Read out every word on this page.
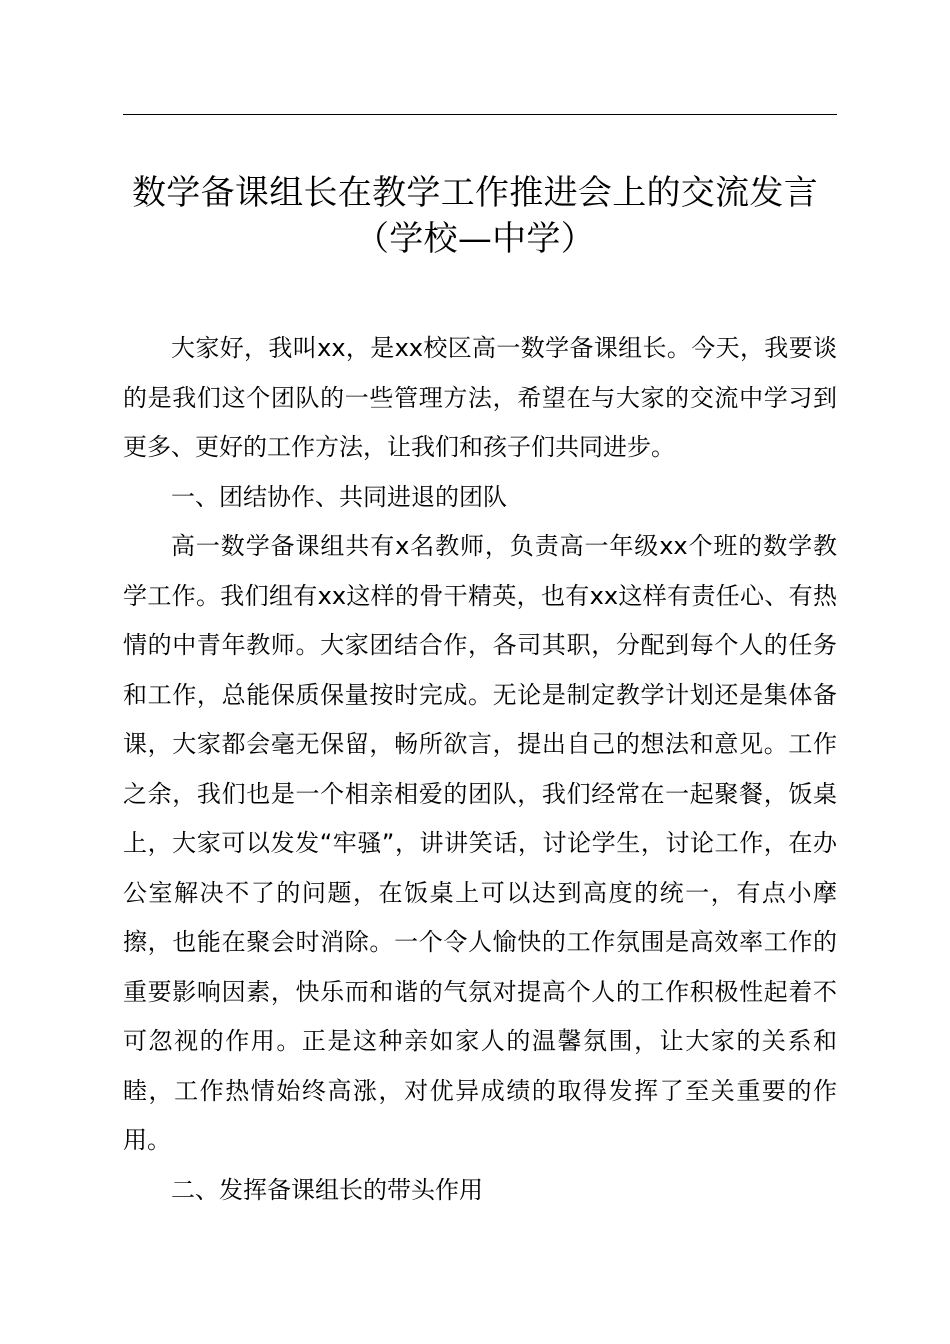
数学备课组长在教学工作推进会上的交流发言
（学校—中学）

大家好，我叫xx，是xx校区高一数学备课组长。今天，我要谈的是我们这个团队的一些管理方法，希望在与大家的交流中学习到更多、更好的工作方法，让我们和孩子们共同进步。

一、团结协作、共同进退的团队

高一数学备课组共有x名教师，负责高一年级xx个班的数学教学工作。我们组有xx这样的骨干精英，也有xx这样有责任心、有热情的中青年教师。大家团结合作，各司其职，分配到每个人的任务和工作，总能保质保量按时完成。无论是制定教学计划还是集体备课，大家都会毫无保留，畅所欲言，提出自己的想法和意见。工作之余，我们也是一个相亲相爱的团队，我们经常在一起聚餐，饭桌上，大家可以发发“牢骚”，讲讲笑话，讨论学生，讨论工作，在办公室解决不了的问题，在饭桌上可以达到高度的统一，有点小摩擦，也能在聚会时消除。一个令人愉快的工作氛围是高效率工作的重要影响因素，快乐而和谐的气氛对提高个人的工作积极性起着不可忽视的作用。正是这种亲如家人的温馨氛围，让大家的关系和睦，工作热情始终高涨，对优异成绩的取得发挥了至关重要的作用。

二、发挥备课组长的带头作用
